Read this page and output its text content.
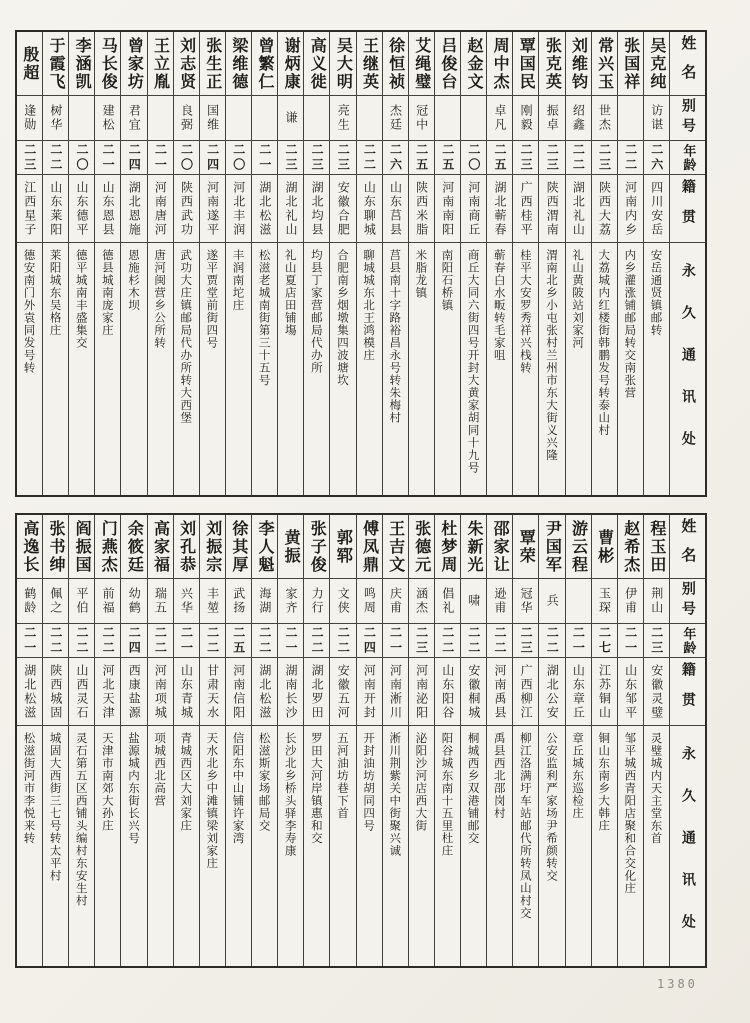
姓名
别号
年龄
籍贯
永久通讯处
吴克纯
访谌
二六
四川安岳
安岳通贤镇邮转
张国祥
二二
河南内乡
内乡灌涨铺邮局转交南张营
常兴玉
世杰
二三
陕西大荔
大荔城内红楼街韩鹏发号转泰山村
刘维钧
绍鑫
二二
湖北礼山
礼山黄陂站刘家河
张克英
振卓
二三
陕西渭南
渭南北乡小屯张村兰州市东大街义兴隆
覃国民
刚毅
二三
广西桂平
桂平大安罗秀祥兴栈转
周中杰
卓凡
二五
湖北蕲春
蕲春白水畈转毛家咀
赵金文
二〇
河南商丘
商丘大同六街四号开封大黄家胡同十九号
吕俊台
二五
河南南阳
南阳石桥镇
艾绳璧
冠中
二五
陕西米脂
米脂龙镇
徐恒祯
杰廷
二六
山东莒县
莒县南十字路裕昌永号转朱梅村
王继英
二二
山东聊城
聊城城东北王鸿模庄
吴大明
亮生
二三
安徽合肥
合肥南乡烟墩集四波塘坎
高义徙
二三
湖北均县
均县丁家营邮局代办所
谢炳康
谦
二三
湖北礼山
礼山夏店田铺塲
曾繁仁
二一
湖北松滋
松滋老城南街第三十五号
梁维德
二〇
河北丰润
丰润南坨庄
张生正
国维
二四
河南遂平
遂平贾堂前街四号
刘志贤
良弼
二〇
陕西武功
武功大庄镇邮局代办所转大西堡
王立胤
二一
河南唐河
唐河闽营乡公所转
曾家坊
君宜
二四
湖北恩施
恩施杉木坝
马长俊
建松
二一
山东恩县
德县城南庞家庄
李涵凯
二〇
山东德平
德平城南丰盛集交
于霞飞
树华
二二
山东莱阳
莱阳城东吴格庄
殷超
逢勋
二三
江西星子
德安南门外袁同发号转
姓名
别号
年龄
籍贯
永久通讯处
程玉田
荆山
二三
安徽灵璧
灵璧城内天主堂东首
赵希杰
伊甫
二一
山东邹平
邹平城西青阳店聚和合交化庄
曹彬
玉琛
二七
江苏铜山
铜山东南乡大韩庄
游云程
二一
山东章丘
章丘城东巡检庄
尹国军
兵
二二
湖北公安
公安监利严家场尹希颜转交
覃荣
冠华
二三
广西柳江
柳江洛满圩车站邮代所转凤山村交
邵家让
逊甫
二二
河南禹县
禹县西北邵岗村
朱新光
啸
二二
安徽桐城
桐城西乡双港铺邮交
杜梦周
倡礼
二二
山东阳谷
阳谷城东南十五里杜庄
张德元
涵杰
二三
河南泌阳
泌阳沙河店西大街
王吉文
庆甫
二一
河南淅川
淅川荆紫关中街聚兴诚
傅凤鼎
鸣周
二四
河南开封
开封油坊胡同四号
郭郓
文侠
二二
安徽五河
五河油坊巷下首
张子俊
力行
二二
湖北罗田
罗田大河岸镇惠和交
黄振
家齐
二一
湖南长沙
长沙北乡桥头驿李寿康
李人魁
海湖
二二
湖北松滋
松滋斯家场邮局交
徐其厚
武扬
二五
河南信阳
信阳东中山铺许家湾
刘振宗
丰堃
二二
甘肃天水
天水北乡中滩镇梁刘家庄
刘孔恭
兴华
二一
山东青城
青城西区大刘家庄
高家福
瑞五
二二
河南项城
项城西北高营
余筱廷
幼鹤
二四
西康盐源
盐源城内东街长兴号
门燕杰
前福
二二
河北天津
天津市南郊大孙庄
阎振国
平伯
二二
山西灵石
灵石第五区西铺头编村东安生村
张书绅
佩之
二二
陕西城固
城固大西街三七号转太平村
高逸长
鹤龄
二一
湖北松滋
松滋街河市李悦来转
1380
